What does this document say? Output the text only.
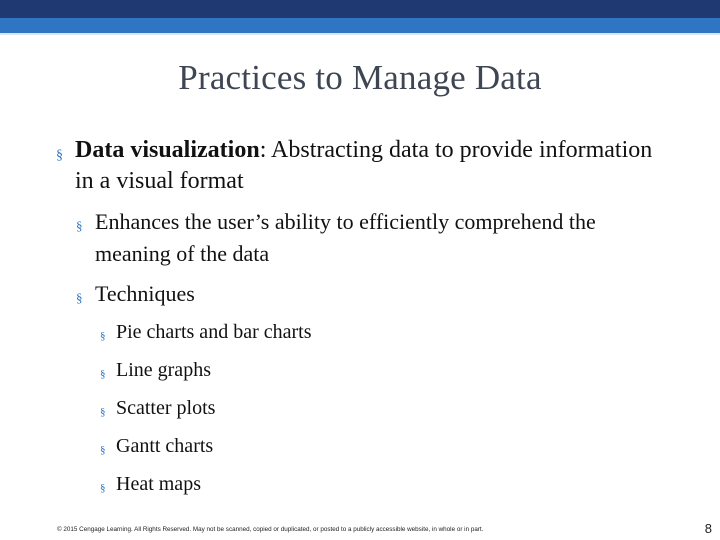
Practices to Manage Data
§ Data visualization: Abstracting data to provide information in a visual format
§ Enhances the user’s ability to efficiently comprehend the meaning of the data
§ Techniques
§ Pie charts and bar charts
§ Line graphs
§ Scatter plots
§ Gantt charts
§ Heat maps
© 2015 Cengage Learning. All Rights Reserved. May not be scanned, copied or duplicated, or posted to a publicly accessible website, in whole or in part.	8
